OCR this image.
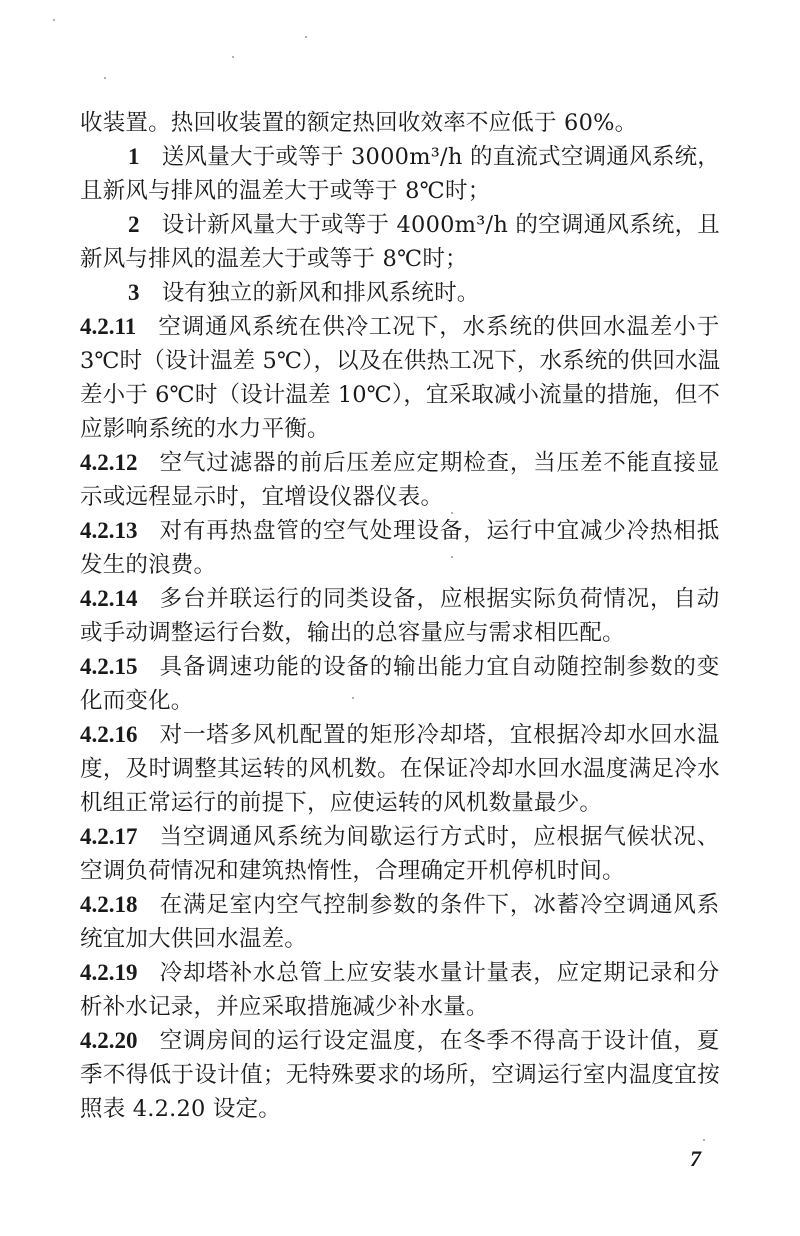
收装置。热回收装置的额定热回收效率不应低于 60%。
1 送风量大于或等于 3000m³/h 的直流式空调通风系统，
且新风与排风的温差大于或等于 8℃时；
2 设计新风量大于或等于 4000m³/h 的空调通风系统，且
新风与排风的温差大于或等于 8℃时；
3 设有独立的新风和排风系统时。
4.2.11 空调通风系统在供冷工况下，水系统的供回水温差小于
3℃时（设计温差 5℃），以及在供热工况下，水系统的供回水温
差小于 6℃时（设计温差 10℃），宜采取减小流量的措施，但不
应影响系统的水力平衡。
4.2.12 空气过滤器的前后压差应定期检查，当压差不能直接显
示或远程显示时，宜增设仪器仪表。
4.2.13 对有再热盘管的空气处理设备，运行中宜减少冷热相抵
发生的浪费。
4.2.14 多台并联运行的同类设备，应根据实际负荷情况，自动
或手动调整运行台数，输出的总容量应与需求相匹配。
4.2.15 具备调速功能的设备的输出能力宜自动随控制参数的变
化而变化。
4.2.16 对一塔多风机配置的矩形冷却塔，宜根据冷却水回水温
度，及时调整其运转的风机数。在保证冷却水回水温度满足冷水
机组正常运行的前提下，应使运转的风机数量最少。
4.2.17 当空调通风系统为间歇运行方式时，应根据气候状况、
空调负荷情况和建筑热惰性，合理确定开机停机时间。
4.2.18 在满足室内空气控制参数的条件下，冰蓄冷空调通风系
统宜加大供回水温差。
4.2.19 冷却塔补水总管上应安装水量计量表，应定期记录和分
析补水记录，并应采取措施减少补水量。
4.2.20 空调房间的运行设定温度，在冬季不得高于设计值，夏
季不得低于设计值；无特殊要求的场所，空调运行室内温度宜按
照表 4.2.20 设定。
7
